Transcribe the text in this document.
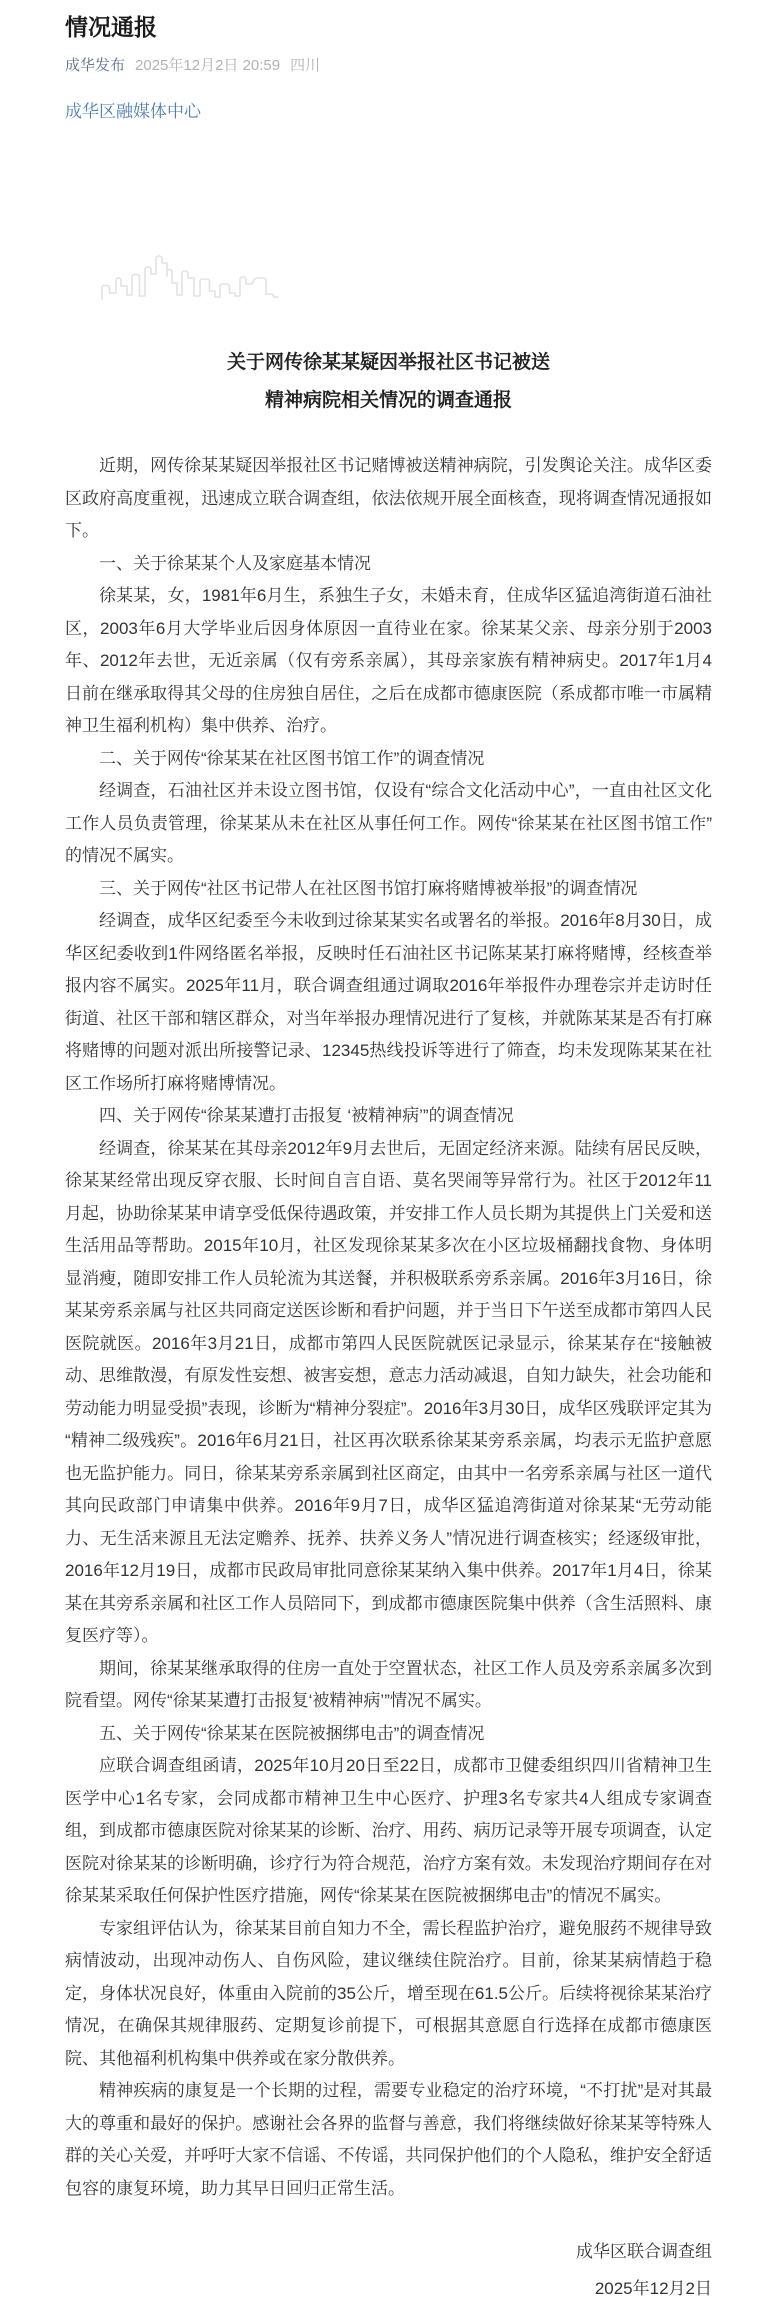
情况通报
成华发布 2025年12月2日 20:59 四川
成华区融媒体中心
关于网传徐某某疑因举报社区书记被送
精神病院相关情况的调查通报

近期，网传徐某某疑因举报社区书记赌博被送精神病院，引发舆论关注。成华区委区政府高度重视，迅速成立联合调查组，依法依规开展全面核查，现将调查情况通报如下。

一、关于徐某某个人及家庭基本情况

徐某某，女，1981年6月生，系独生子女，未婚未育，住成华区猛追湾街道石油社区，2003年6月大学毕业后因身体原因一直待业在家。徐某某父亲、母亲分别于2003年、2012年去世，无近亲属（仅有旁系亲属），其母亲家族有精神病史。2017年1月4日前在继承取得其父母的住房独自居住，之后在成都市德康医院（系成都市唯一市属精神卫生福利机构）集中供养、治疗。

二、关于网传“徐某某在社区图书馆工作”的调查情况

经调查，石油社区并未设立图书馆，仅设有“综合文化活动中心”，一直由社区文化工作人员负责管理，徐某某从未在社区从事任何工作。网传“徐某某在社区图书馆工作”的情况不属实。

三、关于网传“社区书记带人在社区图书馆打麻将赌博被举报”的调查情况

经调查，成华区纪委至今未收到过徐某某实名或署名的举报。2016年8月30日，成华区纪委收到1件网络匿名举报，反映时任石油社区书记陈某某打麻将赌博，经核查举报内容不属实。2025年11月，联合调查组通过调取2016年举报件办理卷宗并走访时任街道、社区干部和辖区群众，对当年举报办理情况进行了复核，并就陈某某是否有打麻将赌博的问题对派出所接警记录、12345热线投诉等进行了筛查，均未发现陈某某在社区工作场所打麻将赌博情况。

四、关于网传“徐某某遭打击报复 ‘被精神病’”的调查情况

经调查，徐某某在其母亲2012年9月去世后，无固定经济来源。陆续有居民反映，徐某某经常出现反穿衣服、长时间自言自语、莫名哭闹等异常行为。社区于2012年11月起，协助徐某某申请享受低保待遇政策，并安排工作人员长期为其提供上门关爱和送生活用品等帮助。2015年10月，社区发现徐某某多次在小区垃圾桶翻找食物、身体明显消瘦，随即安排工作人员轮流为其送餐，并积极联系旁系亲属。2016年3月16日，徐某某旁系亲属与社区共同商定送医诊断和看护问题，并于当日下午送至成都市第四人民医院就医。2016年3月21日，成都市第四人民医院就医记录显示，徐某某存在“接触被动、思维散漫，有原发性妄想、被害妄想，意志力活动减退，自知力缺失，社会功能和劳动能力明显受损”表现，诊断为“精神分裂症”。2016年3月30日，成华区残联评定其为“精神二级残疾”。2016年6月21日，社区再次联系徐某某旁系亲属，均表示无监护意愿也无监护能力。同日，徐某某旁系亲属到社区商定，由其中一名旁系亲属与社区一道代其向民政部门申请集中供养。2016年9月7日，成华区猛追湾街道对徐某某“无劳动能力、无生活来源且无法定赡养、抚养、扶养义务人”情况进行调查核实；经逐级审批，2016年12月19日，成都市民政局审批同意徐某某纳入集中供养。2017年1月4日，徐某某在其旁系亲属和社区工作人员陪同下，到成都市德康医院集中供养（含生活照料、康复医疗等）。

期间，徐某某继承取得的住房一直处于空置状态，社区工作人员及旁系亲属多次到院看望。网传“徐某某遭打击报复‘被精神病’”情况不属实。

五、关于网传“徐某某在医院被捆绑电击”的调查情况

应联合调查组函请，2025年10月20日至22日，成都市卫健委组织四川省精神卫生医学中心1名专家，会同成都市精神卫生中心医疗、护理3名专家共4人组成专家调查组，到成都市德康医院对徐某某的诊断、治疗、用药、病历记录等开展专项调查，认定医院对徐某某的诊断明确，诊疗行为符合规范，治疗方案有效。未发现治疗期间存在对徐某某采取任何保护性医疗措施，网传“徐某某在医院被捆绑电击”的情况不属实。

专家组评估认为，徐某某目前自知力不全，需长程监护治疗，避免服药不规律导致病情波动，出现冲动伤人、自伤风险，建议继续住院治疗。目前，徐某某病情趋于稳定，身体状况良好，体重由入院前的35公斤，增至现在61.5公斤。后续将视徐某某治疗情况，在确保其规律服药、定期复诊前提下，可根据其意愿自行选择在成都市德康医院、其他福利机构集中供养或在家分散供养。

精神疾病的康复是一个长期的过程，需要专业稳定的治疗环境，“不打扰”是对其最大的尊重和最好的保护。感谢社会各界的监督与善意，我们将继续做好徐某某等特殊人群的关心关爱，并呼吁大家不信谣、不传谣，共同保护他们的个人隐私，维护安全舒适包容的康复环境，助力其早日回归正常生活。

成华区联合调查组
2025年12月2日
